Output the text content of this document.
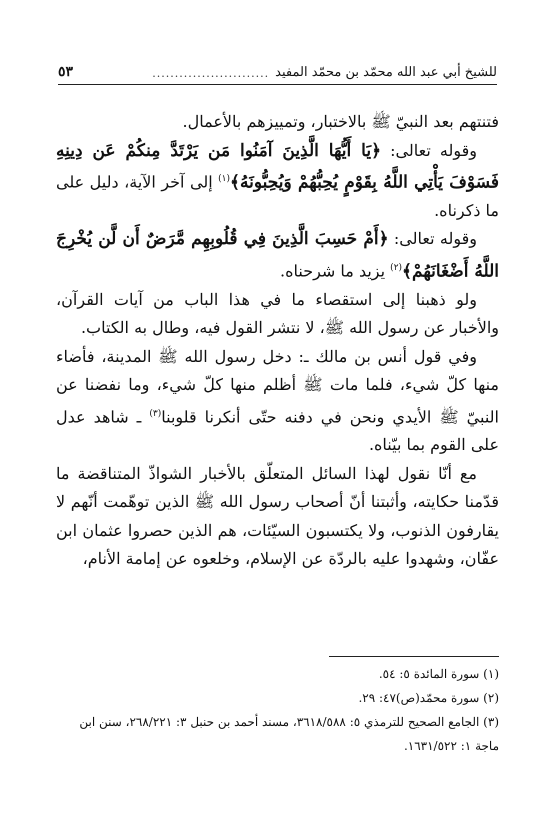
للشيخ أبي عبد الله محمّد بن محمّد المفيد
..........................
٥٣

فتنتهم بعد النبيّ ﷺ بالاختبار، وتمييزهم بالأعمال.

وقوله تعالى: ﴿يَا أَيُّهَا الَّذِينَ آمَنُوا مَن يَرْتَدَّ مِنكُمْ عَن دِينِهِ فَسَوْفَ يَأْتِي اللَّهُ بِقَوْمٍ يُحِبُّهُمْ وَيُحِبُّونَهُ﴾$^{(١)}$ إلى آخر الآية، دليل على ما ذكرناه.

وقوله تعالى: ﴿أَمْ حَسِبَ الَّذِينَ فِي قُلُوبِهِم مَّرَضٌ أَن لَّن يُخْرِجَ اللَّهُ أَضْغَانَهُمْ﴾$^{(٢)}$ يزيد ما شرحناه.

ولو ذهبنا إلى استقصاء ما في هذا الباب من آيات القرآن، والأخبار عن رسول الله ﷺ، لا نتشر القول فيه، وطال به الكتاب.

وفي قول أنس بن مالك ـ: دخل رسول الله ﷺ المدينة، فأضاء منها كلّ شيء، فلما مات ﷺ أظلم منها كلّ شيء، وما نفضنا عن النبيّ ﷺ الأيدي ونحن في دفنه حتّى أنكرنا قلوبنا$^{(٣)}$ ـ شاهد عدل على القوم بما بيّناه.

مع أنّا نقول لهذا السائل المتعلّق بالأخبار الشواذّ المتناقضة ما قدّمنا حكايته، وأثبتنا أنّ أصحاب رسول الله ﷺ الذين توهّمت أنّهم لا يقارفون الذنوب، ولا يكتسبون السيّئات، هم الذين حصروا عثمان ابن عفّان، وشهدوا عليه بالردّة عن الإسلام، وخلعوه عن إمامة الأنام،

(١) سورة المائدة ٥: ٥٤.

(٢) سورة محمّد(ص)٤٧: ٢٩.

(٣) الجامع الصحيح للترمذي ٥: ٣٦١٨/٥٨٨، مسند أحمد بن حنبل ٣: ٢٦٨/٢٢١، سنن ابن ماجة ١: ١٦٣١/٥٢٢.
